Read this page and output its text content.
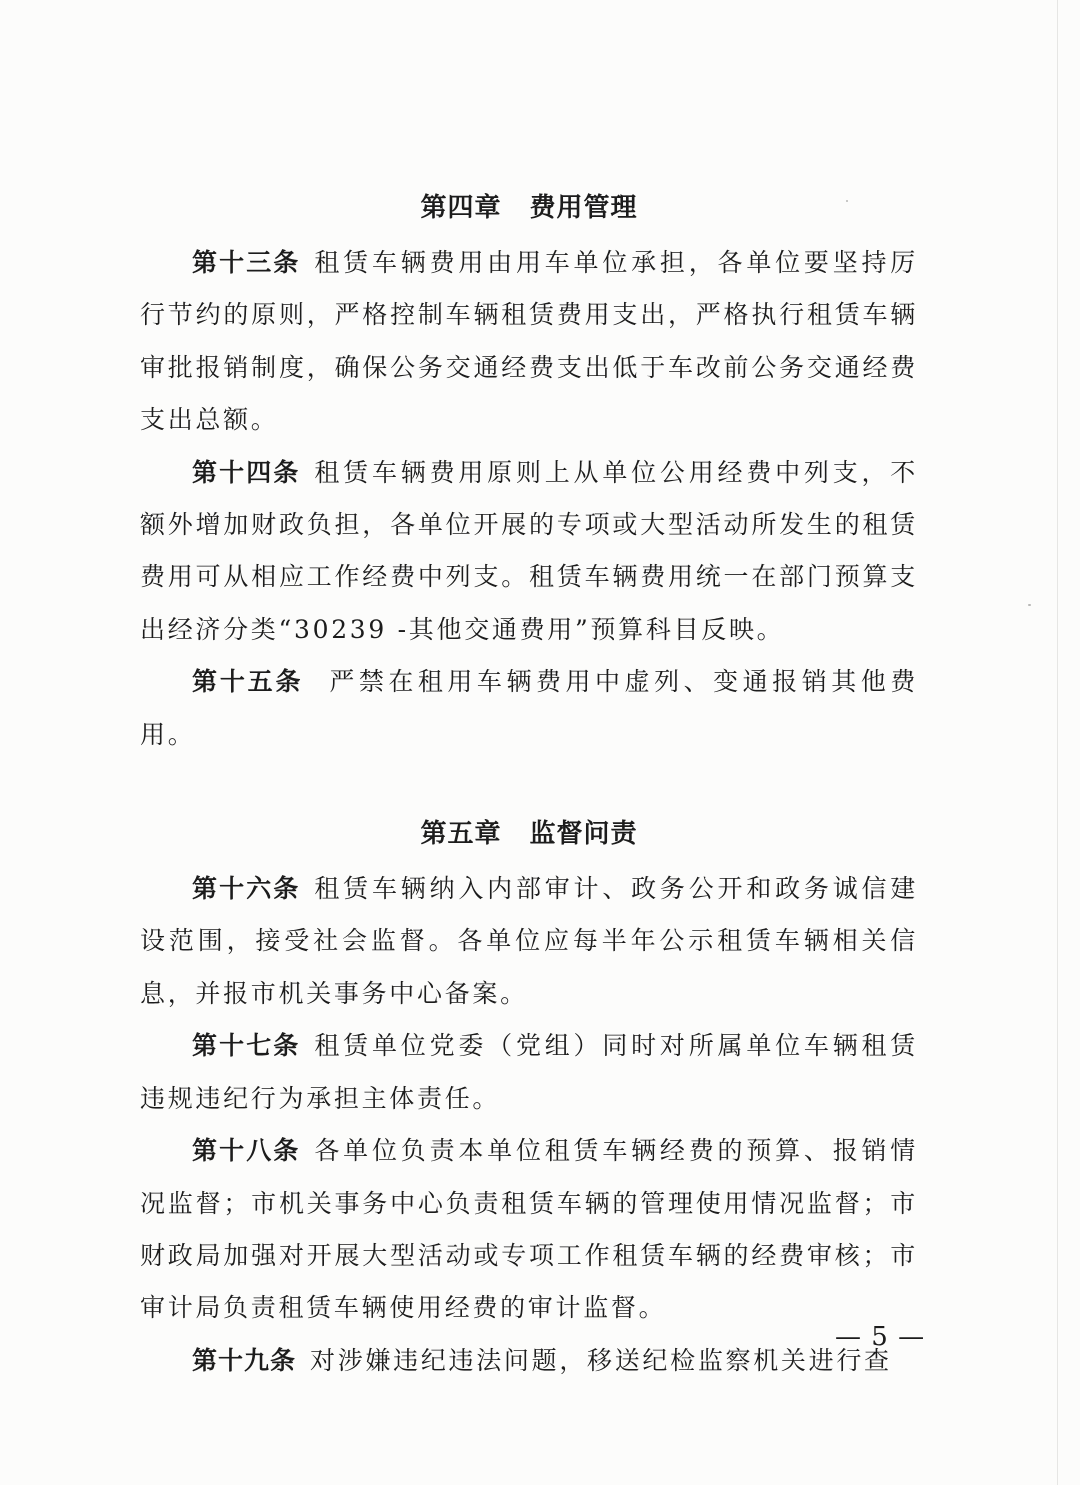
第四章 费用管理

第十三条 租赁车辆费用由用车单位承担，各单位要坚持厉行节约的原则，严格控制车辆租赁费用支出，严格执行租赁车辆审批报销制度，确保公务交通经费支出低于车改前公务交通经费支出总额。

第十四条 租赁车辆费用原则上从单位公用经费中列支，不额外增加财政负担，各单位开展的专项或大型活动所发生的租赁费用可从相应工作经费中列支。租赁车辆费用统一在部门预算支出经济分类“30239 -其他交通费用”预算科目反映。

第十五条 严禁在租用车辆费用中虚列、变通报销其他费用。

第五章 监督问责

第十六条 租赁车辆纳入内部审计、政务公开和政务诚信建设范围，接受社会监督。各单位应每半年公示租赁车辆相关信息，并报市机关事务中心备案。

第十七条 租赁单位党委（党组）同时对所属单位车辆租赁违规违纪行为承担主体责任。

第十八条 各单位负责本单位租赁车辆经费的预算、报销情况监督；市机关事务中心负责租赁车辆的管理使用情况监督；市财政局加强对开展大型活动或专项工作租赁车辆的经费审核；市审计局负责租赁车辆使用经费的审计监督。

第十九条 对涉嫌违纪违法问题，移送纪检监察机关进行查

— 5 —
